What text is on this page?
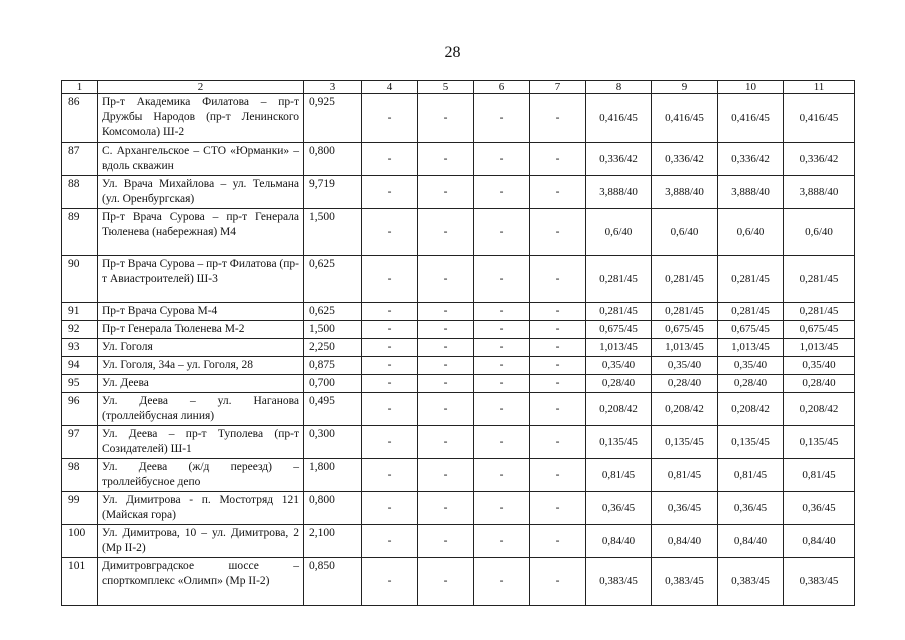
28
1	2	3	4	5	6	7	8	9	10	11
86	Пр-т Академика Филатова – пр-т Дружбы Народов (пр-т Ленинского Комсомола) Ш-2	0,925	-	-	-	-	0,416/45	0,416/45	0,416/45	0,416/45
87	С. Архангельское – СТО «Юрманки» – вдоль скважин	0,800	-	-	-	-	0,336/42	0,336/42	0,336/42	0,336/42
88	Ул. Врача Михайлова – ул. Тельмана (ул. Оренбургская)	9,719	-	-	-	-	3,888/40	3,888/40	3,888/40	3,888/40
89	Пр-т Врача Сурова – пр-т Генерала Тюленева (набережная) М4	1,500	-	-	-	-	0,6/40	0,6/40	0,6/40	0,6/40
90	Пр-т Врача Сурова – пр-т Филатова (пр-т Авиастроителей) Ш-3	0,625	-	-	-	-	0,281/45	0,281/45	0,281/45	0,281/45
91	Пр-т Врача Сурова М-4	0,625	-	-	-	-	0,281/45	0,281/45	0,281/45	0,281/45
92	Пр-т Генерала Тюленева М-2	1,500	-	-	-	-	0,675/45	0,675/45	0,675/45	0,675/45
93	Ул. Гоголя	2,250	-	-	-	-	1,013/45	1,013/45	1,013/45	1,013/45
94	Ул. Гоголя, 34а – ул. Гоголя, 28	0,875	-	-	-	-	0,35/40	0,35/40	0,35/40	0,35/40
95	Ул. Деева	0,700	-	-	-	-	0,28/40	0,28/40	0,28/40	0,28/40
96	Ул. Деева – ул. Наганова (троллейбусная линия)	0,495	-	-	-	-	0,208/42	0,208/42	0,208/42	0,208/42
97	Ул. Деева – пр-т Туполева (пр-т Созидателей) Ш-1	0,300	-	-	-	-	0,135/45	0,135/45	0,135/45	0,135/45
98	Ул. Деева (ж/д переезд) – троллейбусное депо	1,800	-	-	-	-	0,81/45	0,81/45	0,81/45	0,81/45
99	Ул. Димитрова - п. Мостотряд 121 (Майская гора)	0,800	-	-	-	-	0,36/45	0,36/45	0,36/45	0,36/45
100	Ул. Димитрова, 10 – ул. Димитрова, 2 (Мр II-2)	2,100	-	-	-	-	0,84/40	0,84/40	0,84/40	0,84/40
101	Димитровградское шоссе – спорткомплекс «Олимп» (Мр II-2)	0,850	-	-	-	-	0,383/45	0,383/45	0,383/45	0,383/45
